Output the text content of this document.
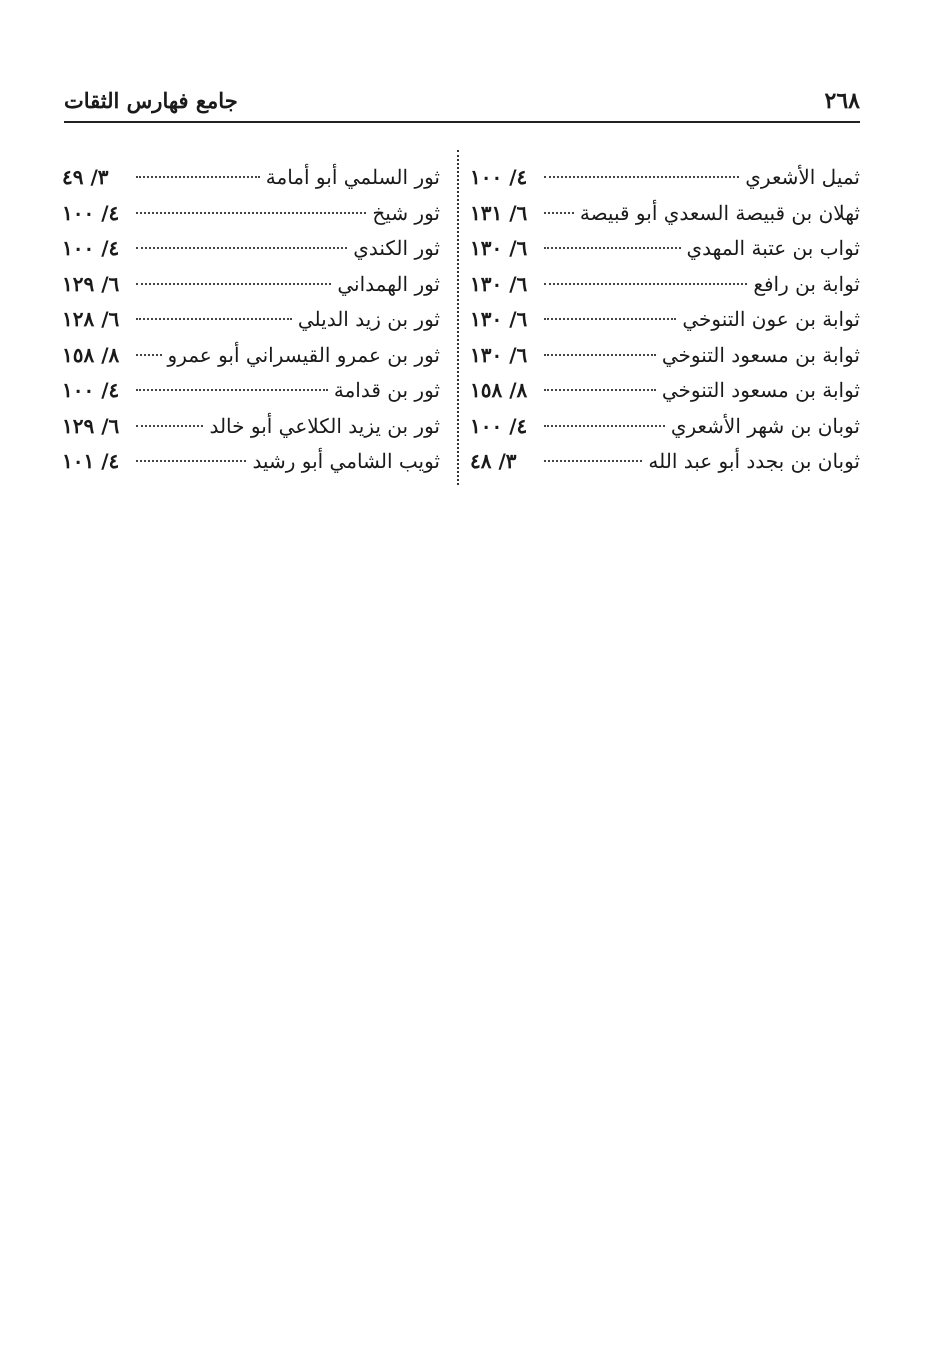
٢٦٨
جامع فهارس الثقات
ثميل الأشعري
٤/ ١٠٠
ثهلان بن قبيصة السعدي أبو قبيصة
٦/ ١٣١
ثواب بن عتبة المهدي
٦/ ١٣٠
ثوابة بن رافع
٦/ ١٣٠
ثوابة بن عون التنوخي
٦/ ١٣٠
ثوابة بن مسعود التنوخي
٦/ ١٣٠
ثوابة بن مسعود التنوخي
٨/ ١٥٨
ثوبان بن شهر الأشعري
٤/ ١٠٠
ثوبان بن بجدد أبو عبد الله
٣/ ٤٨
ثور السلمي أبو أمامة
٣/ ٤٩
ثور شيخ
٤/ ١٠٠
ثور الكندي
٤/ ١٠٠
ثور الهمداني
٦/ ١٢٩
ثور بن زيد الديلي
٦/ ١٢٨
ثور بن عمرو القيسراني أبو عمرو
٨/ ١٥٨
ثور بن قدامة
٤/ ١٠٠
ثور بن يزيد الكلاعي أبو خالد
٦/ ١٢٩
ثويب الشامي أبو رشيد
٤/ ١٠١
